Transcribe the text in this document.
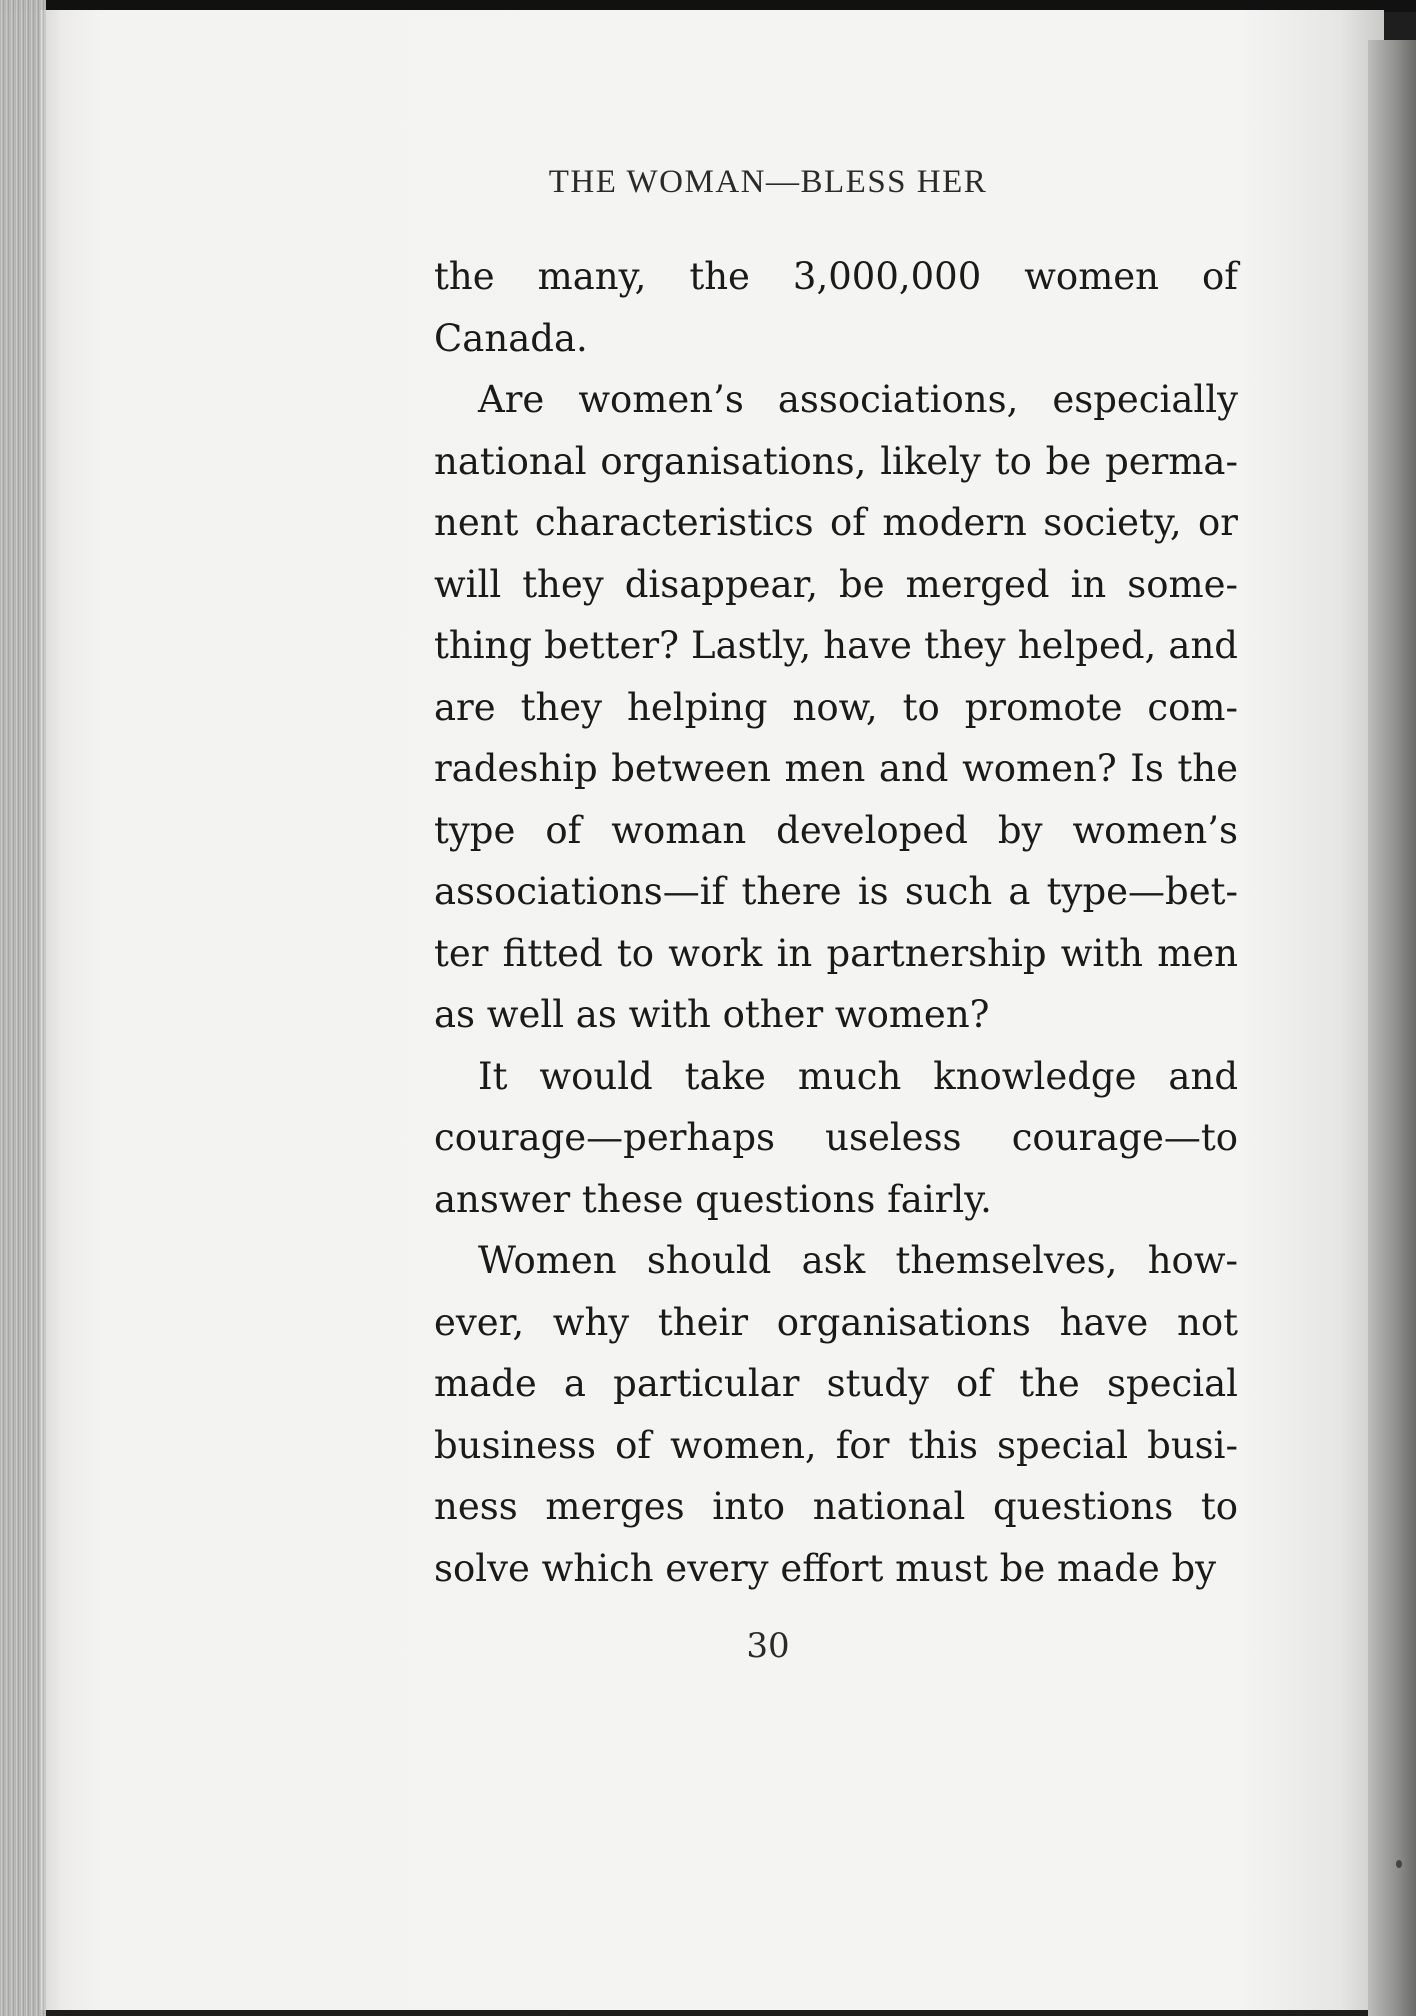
THE WOMAN—BLESS HER

the many, the 3,000,000 women of Canada.

Are women’s associations, especially national organisations, likely to be perma-nent characteristics of modern society, or will they disappear, be merged in some-thing better? Lastly, have they helped, and are they helping now, to promote com-radeship between men and women? Is the type of woman developed by women’s associations—if there is such a type—bet-ter fitted to work in partnership with men as well as with other women?

It would take much knowledge and courage—perhaps useless courage—to answer these questions fairly.

Women should ask themselves, how-ever, why their organisations have not made a particular study of the special business of women, for this special busi-ness merges into national questions to solve which every effort must be made by

30
